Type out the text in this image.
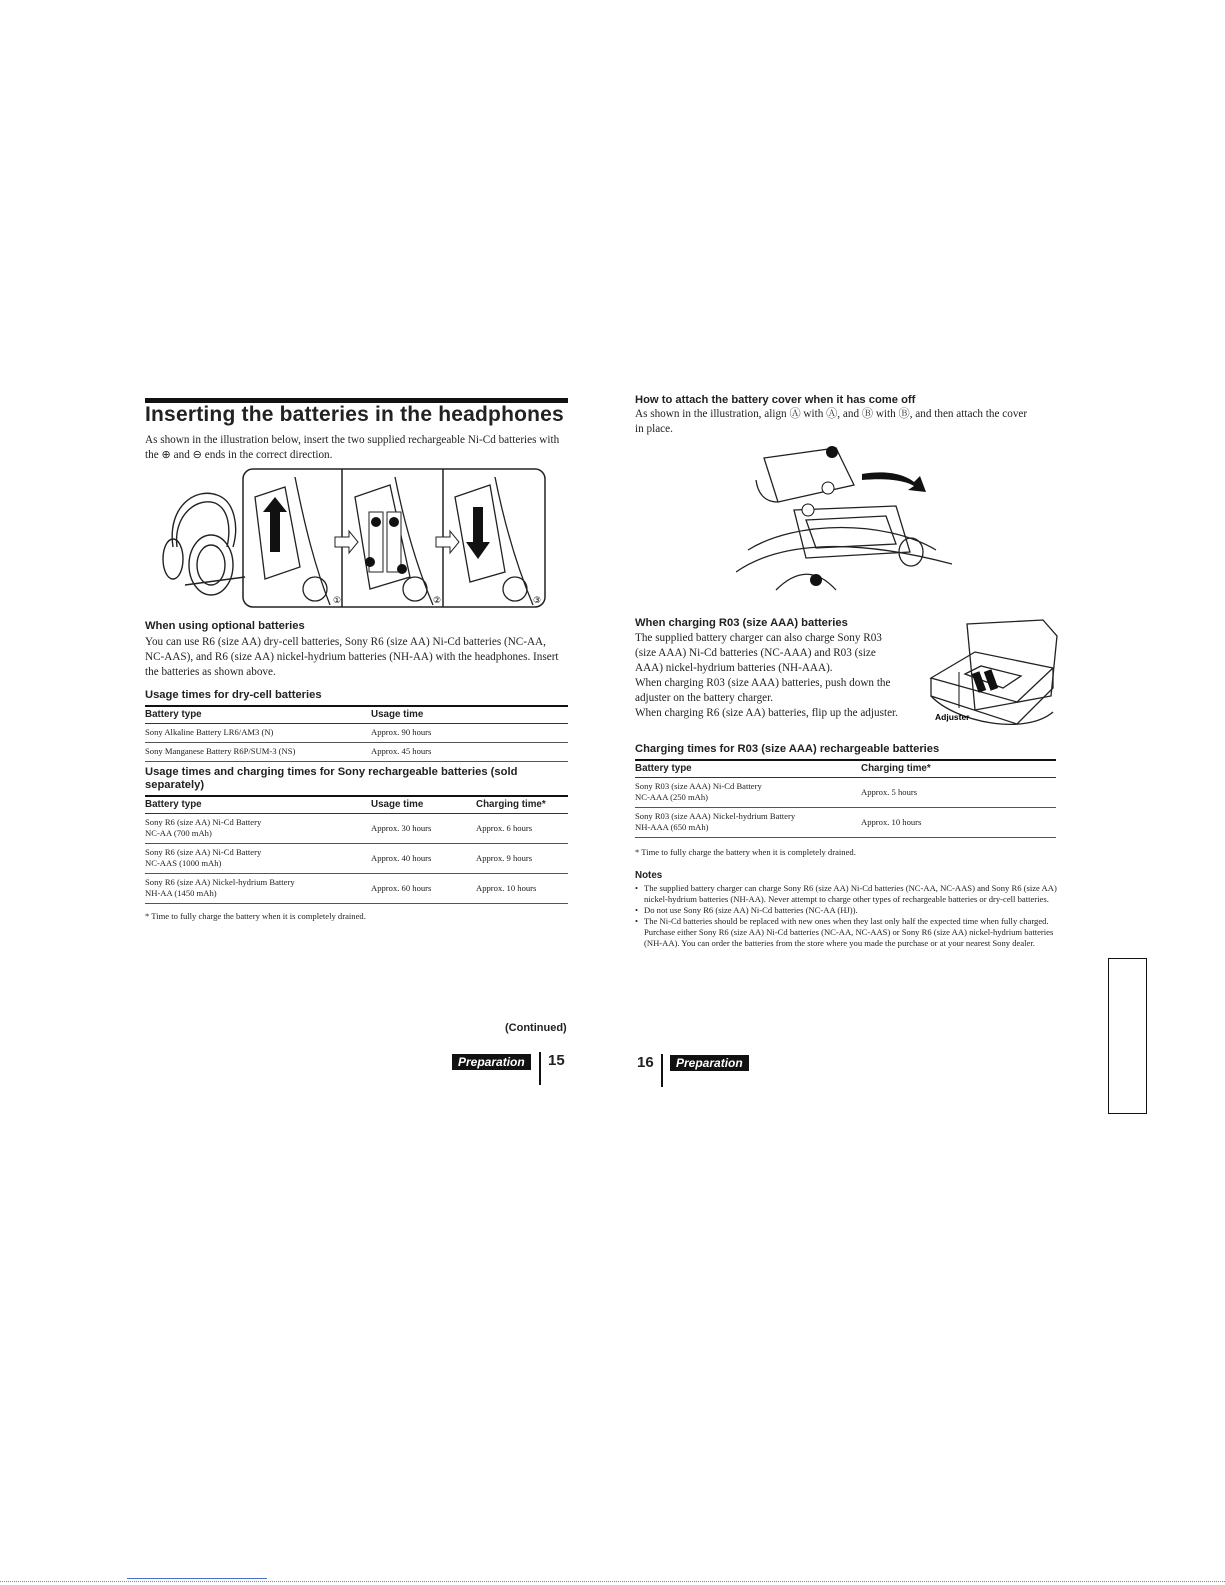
Inserting the batteries in the headphones
As shown in the illustration below, insert the two supplied rechargeable Ni-Cd batteries with the ⊕ and ⊖ ends in the correct direction.
①	②	③
When using optional batteries
You can use R6 (size AA) dry-cell batteries, Sony R6 (size AA) Ni-Cd batteries (NC-AA, NC-AAS), and R6 (size AA) nickel-hydrium batteries (NH-AA) with the headphones. Insert the batteries as shown above.
Usage times for dry-cell batteries
Battery type	Usage time
Sony Alkaline Battery LR6/AM3 (N)	Approx. 90 hours
Sony Manganese Battery R6P/SUM-3 (NS)	Approx. 45 hours
Usage times and charging times for Sony rechargeable batteries (sold separately)
Battery type	Usage time	Charging time*
Sony R6 (size AA) Ni-Cd Battery
NC-AA (700 mAh)	Approx. 30 hours	Approx. 6 hours
Sony R6 (size AA) Ni-Cd Battery
NC-AAS (1000 mAh)	Approx. 40 hours	Approx. 9 hours
Sony R6 (size AA) Nickel-hydrium Battery
NH-AA (1450 mAh)	Approx. 60 hours	Approx. 10 hours
* Time to fully charge the battery when it is completely drained.
(Continued)
Preparation	15
How to attach the battery cover when it has come off
As shown in the illustration, align Ⓐ with Ⓐ, and Ⓑ with Ⓑ, and then attach the cover in place.
When charging R03 (size AAA) batteries
The supplied battery charger can also charge Sony R03 (size AAA) Ni-Cd batteries (NC-AAA) and R03 (size AAA) nickel-hydrium batteries (NH-AAA).
When charging R03 (size AAA) batteries, push down the adjuster on the battery charger.
When charging R6 (size AA) batteries, flip up the adjuster.	Adjuster
Charging times for R03 (size AAA) rechargeable batteries
Battery type	Charging time*
Sony R03 (size AAA) Ni-Cd Battery
NC-AAA (250 mAh)	Approx. 5 hours
Sony R03 (size AAA) Nickel-hydrium Battery
NH-AAA (650 mAh)	Approx. 10 hours
* Time to fully charge the battery when it is completely drained.
Notes
• The supplied battery charger can charge Sony R6 (size AA) Ni-Cd batteries (NC-AA, NC-AAS) and Sony R6 (size AA) nickel-hydrium batteries (NH-AA). Never attempt to charge other types of rechargeable batteries or dry-cell batteries.
• Do not use Sony R6 (size AA) Ni-Cd batteries (NC-AA (HJ)).
• The Ni-Cd batteries should be replaced with new ones when they last only half the expected time when fully charged. Purchase either Sony R6 (size AA) Ni-Cd batteries (NC-AA, NC-AAS) or Sony R6 (size AA) nickel-hydrium batteries (NH-AA). You can order the batteries from the store where you made the purchase or at your nearest Sony dealer.
16	Preparation
